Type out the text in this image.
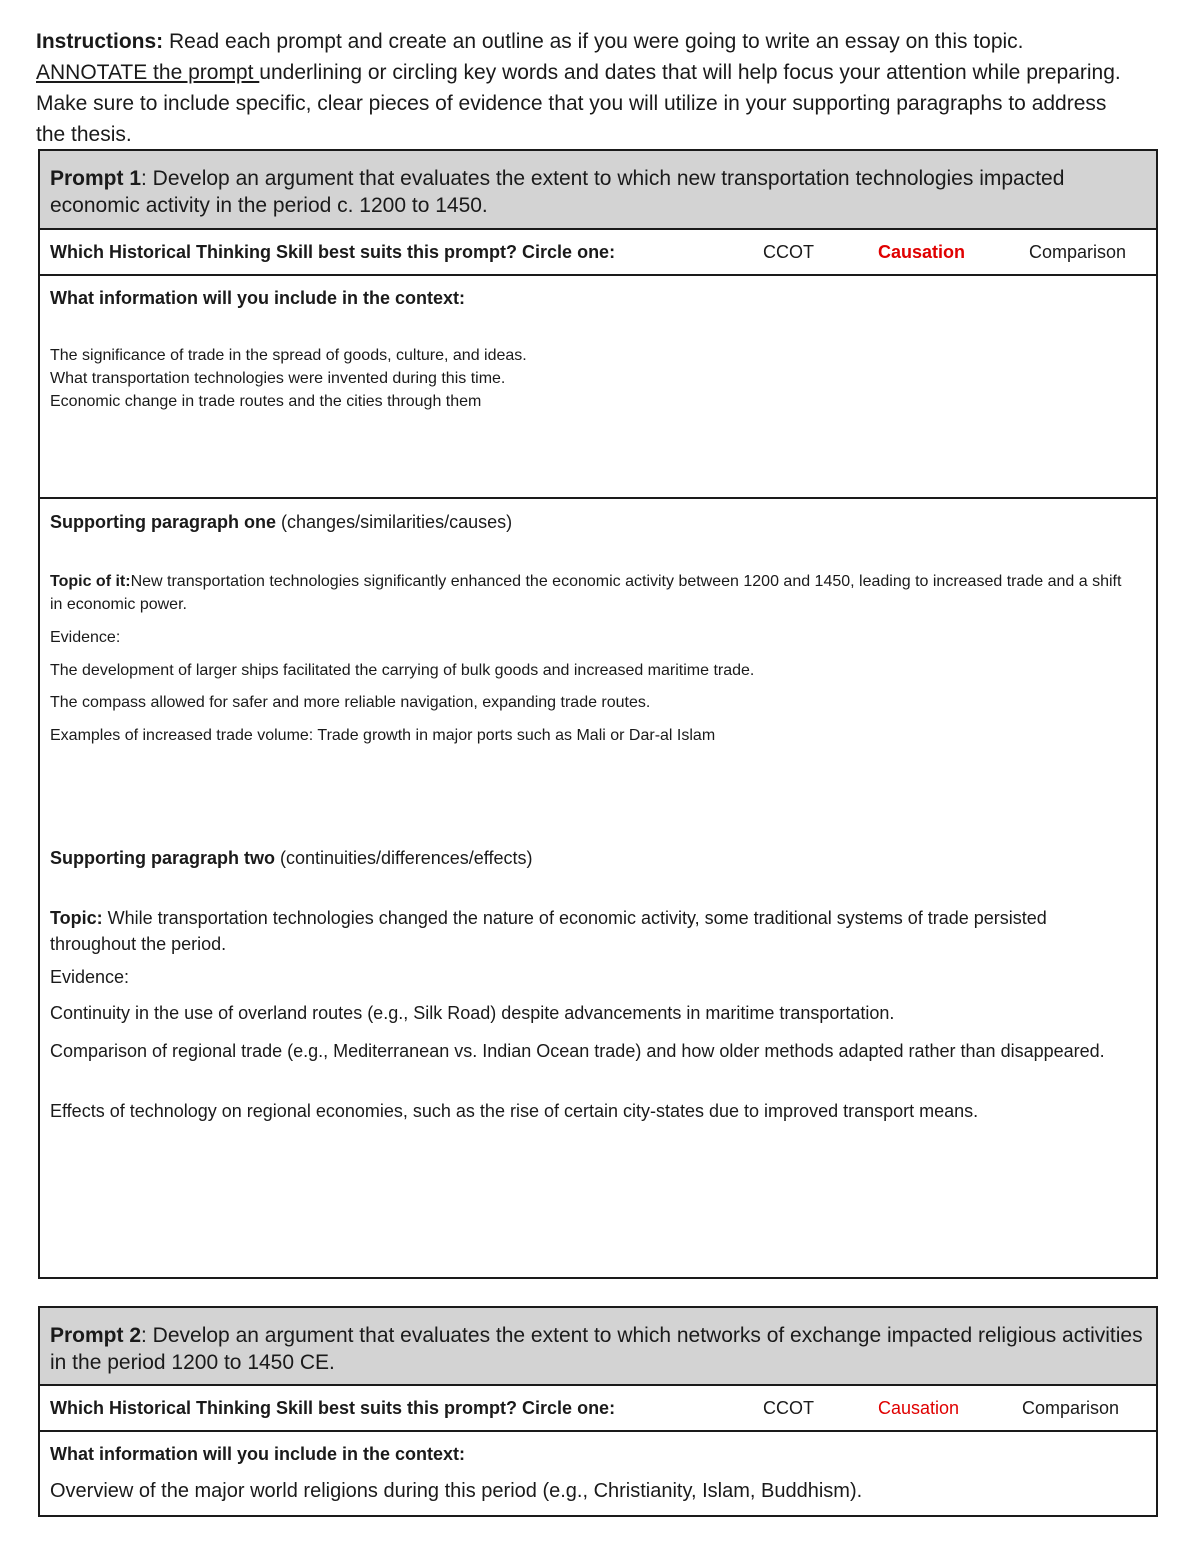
Instructions: Read each prompt and create an outline as if you were going to write an essay on this topic. ANNOTATE the prompt underlining or circling key words and dates that will help focus your attention while preparing. Make sure to include specific, clear pieces of evidence that you will utilize in your supporting paragraphs to address the thesis.
Prompt 1: Develop an argument that evaluates the extent to which new transportation technologies impacted economic activity in the period c. 1200 to 1450.
Which Historical Thinking Skill best suits this prompt? Circle one:	CCOT	Causation	Comparison
What information will you include in the context:
The significance of trade in the spread of goods, culture, and ideas.
What transportation technologies were invented during this time.
Economic change in trade routes and the cities through them
Supporting paragraph one (changes/similarities/causes)
Topic of it:New transportation technologies significantly enhanced the economic activity between 1200 and 1450, leading to increased trade and a shift in economic power.
Evidence:
The development of larger ships facilitated the carrying of bulk goods and increased maritime trade.
The compass allowed for safer and more reliable navigation, expanding trade routes.
Examples of increased trade volume: Trade growth in major ports such as Mali or Dar-al Islam
Supporting paragraph two (continuities/differences/effects)
Topic: While transportation technologies changed the nature of economic activity, some traditional systems of trade persisted throughout the period.
Evidence:
Continuity in the use of overland routes (e.g., Silk Road) despite advancements in maritime transportation.
Comparison of regional trade (e.g., Mediterranean vs. Indian Ocean trade) and how older methods adapted rather than disappeared.
Effects of technology on regional economies, such as the rise of certain city-states due to improved transport means.
Prompt 2: Develop an argument that evaluates the extent to which networks of exchange impacted religious activities in the period 1200 to 1450 CE.
Which Historical Thinking Skill best suits this prompt? Circle one:	CCOT	Causation	Comparison
What information will you include in the context:
Overview of the major world religions during this period (e.g., Christianity, Islam, Buddhism).
